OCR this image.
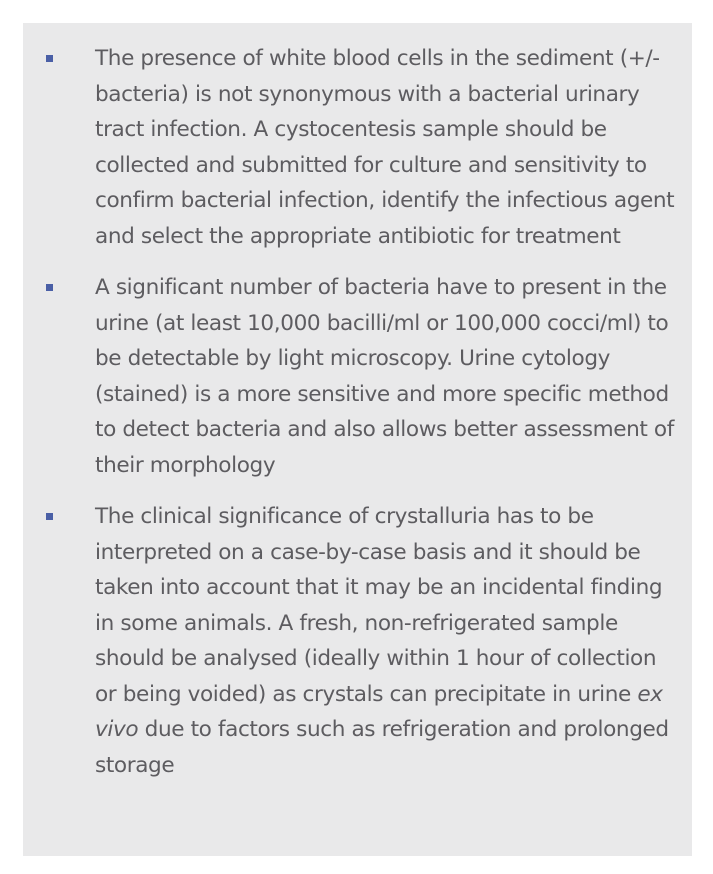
The presence of white blood cells in the sediment (+/- bacteria) is not synonymous with a bacterial urinary tract infection. A cystocentesis sample should be collected and submitted for culture and sensitivity to confirm bacterial infection, identify the infectious agent and select the appropriate antibiotic for treatment

A significant number of bacteria have to present in the urine (at least 10,000 bacilli/ml or 100,000 cocci/ml) to be detectable by light microscopy. Urine cytology (stained) is a more sensitive and more specific method to detect bacteria and also allows better assessment of their morphology

The clinical significance of crystalluria has to be interpreted on a case-by-case basis and it should be taken into account that it may be an incidental finding in some animals. A fresh, non-refrigerated sample should be analysed (ideally within 1 hour of collection or being voided) as crystals can precipitate in urine ex vivo due to factors such as refrigeration and prolonged storage
